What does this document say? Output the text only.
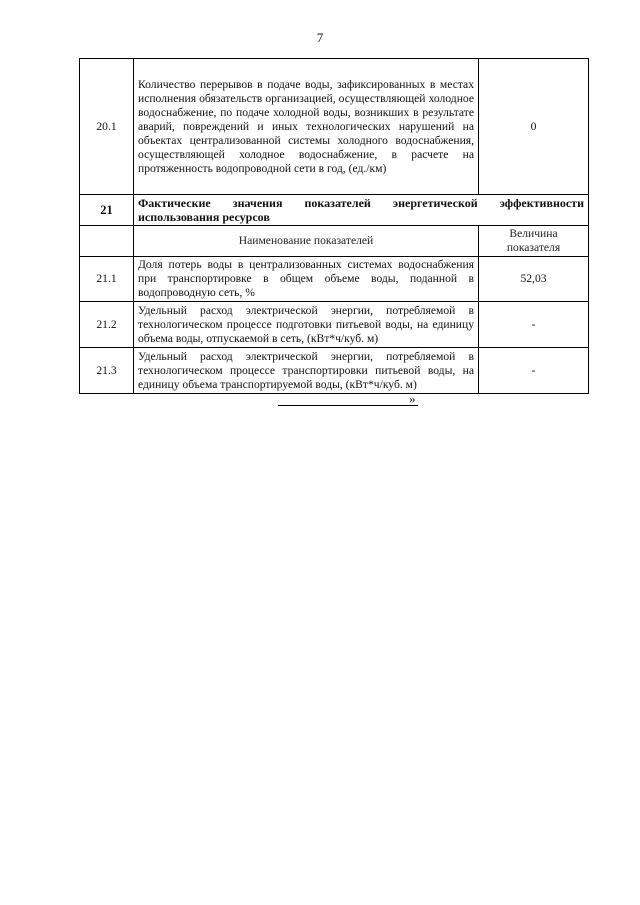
7
20.1	Количество перерывов в подаче воды, зафиксированных в местах исполнения обязательств организацией, осуществляющей холодное водоснабжение, по подаче холодной воды, возникших в результате аварий, повреждений и иных технологических нарушений на объектах централизованной системы холодного водоснабжения, осуществляющей холодное водоснабжение, в расчете на протяженность водопроводной сети в год, (ед./км)	0
21	Фактические значения показателей энергетической эффективности использования ресурсов	
	Наименование показателей	Величина показателя
21.1	Доля потерь воды в централизованных системах водоснабжения при транспортировке в общем объеме воды, поданной в водопроводную сеть, %	52,03
21.2	Удельный расход электрической энергии, потребляемой в технологическом процессе подготовки питьевой воды, на единицу объема воды, отпускаемой в сеть, (кВт*ч/куб. м)	-
21.3	Удельный расход электрической энергии, потребляемой в технологическом процессе транспортировки питьевой воды, на единицу объема транспортируемой воды, (кВт*ч/куб. м)	-
»
